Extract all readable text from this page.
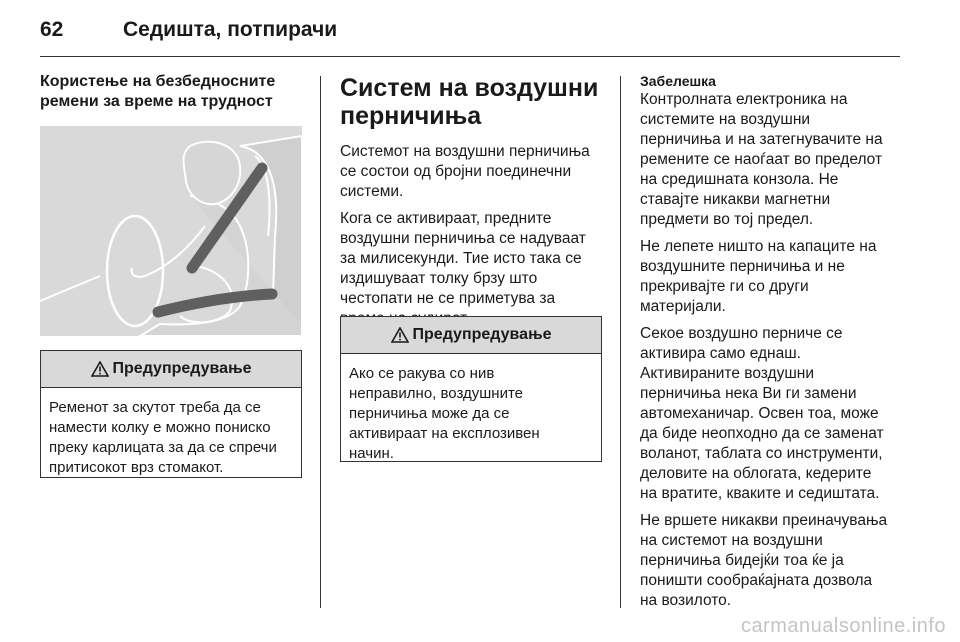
62	Седишта, потпирачи
Користење на безбедносните
ремени за време на трудност
Предупредување
Ременот за скутот треба да се
намести колку е можно пониско
преку карлицата за да се спречи
притисокот врз стомакот.
Систем на воздушни
перничиња

Системот на воздушни перничиња
се состои од бројни поединечни
системи.

Кога се активираат, предните
воздушни перничиња се надуваат
за милисекунди. Тие исто така се
издишуваат толку брзу што
честопати не се приметува за

Предупредување
Ако се ракува со нив
неправилно, воздушните
перничиња може да се
активираат на експлозивен
начин.
Забелешка

Контролната електроника на
системите на воздушни
перничиња и на затегнувачите на
ремените се наоѓаат во пределот
на средишната конзола. Не
ставајте никакви магнетни
предмети во тој предел.

Не лепете ништо на капаците на
воздушните перничиња и не
прекривајте ги со други
материјали.

Секое воздушно перниче се
активира само еднаш.
Активираните воздушни
перничиња нека Ви ги замени
автомеханичар. Освен тоа, може
да биде неопходно да се заменат
воланот, таблата со инструменти,
деловите на облогата, кедерите
на вратите, кваките и седиштата.

Не вршете никакви преиначувања
на системот на воздушни
перничиња бидејќи тоа ќе ја
поништи сообраќајната дозвола
на возилото.

carmanualsonline.info
